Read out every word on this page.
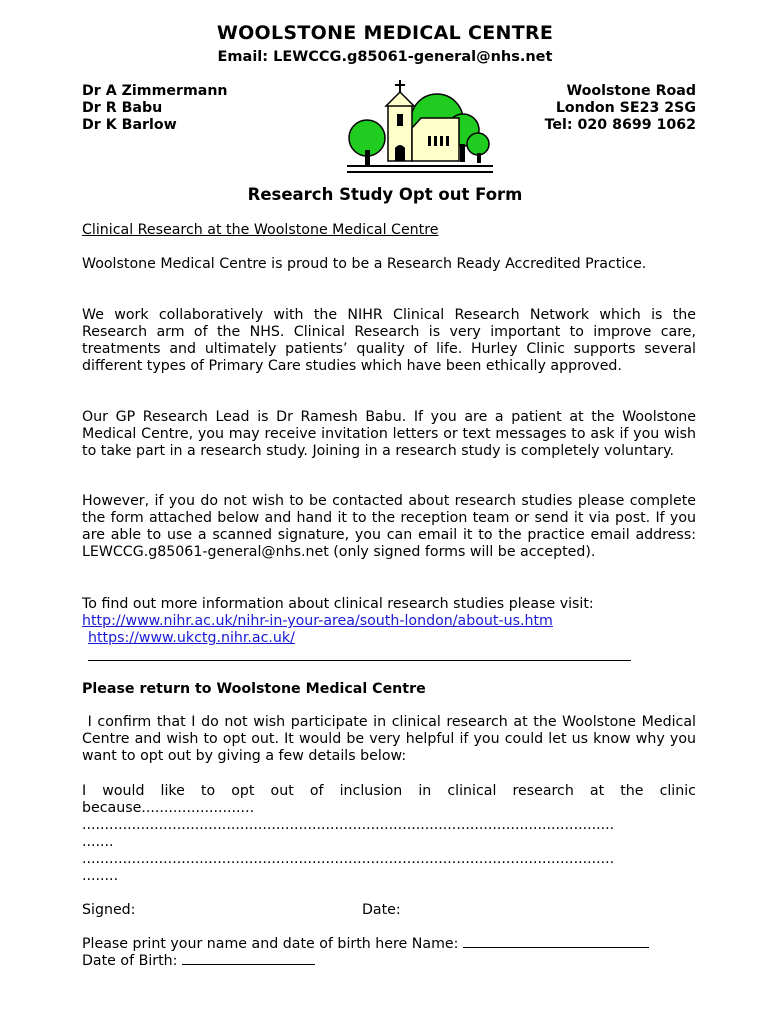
WOOLSTONE MEDICAL CENTRE
Email: LEWCCG.g85061-general@nhs.net
Dr A Zimmermann
Dr R Babu
Dr K Barlow
Woolstone Road
London SE23 2SG
Tel: 020 8699 1062
Research Study Opt out Form
Clinical Research at the Woolstone Medical Centre
Woolstone Medical Centre is proud to be a Research Ready Accredited Practice.
We work collaboratively with the NIHR Clinical Research Network which is the Research arm of the NHS. Clinical Research is very important to improve care, treatments and ultimately patients’ quality of life. Hurley Clinic supports several different types of Primary Care studies which have been ethically approved.
Our GP Research Lead is Dr Ramesh Babu. If you are a patient at the Woolstone Medical Centre, you may receive invitation letters or text messages to ask if you wish to take part in a research study. Joining in a research study is completely voluntary.
However, if you do not wish to be contacted about research studies please complete the form attached below and hand it to the reception team or send it via post. If you are able to use a scanned signature, you can email it to the practice email address: LEWCCG.g85061-general@nhs.net (only signed forms will be accepted).
To find out more information about clinical research studies please visit:
http://www.nihr.ac.uk/nihr-in-your-area/south-london/about-us.htm
https://www.ukctg.nihr.ac.uk/
Please return to Woolstone Medical Centre
I confirm that I do not wish participate in clinical research at the Woolstone Medical Centre and wish to opt out. It would be very helpful if you could let us know why you want to opt out by giving a few details below:
I would like to opt out of inclusion in clinical research at the clinic because.........................
......................................................................................................................
.......
......................................................................................................................
........
Signed:	Date:
Please print your name and date of birth here Name:
Date of Birth:
